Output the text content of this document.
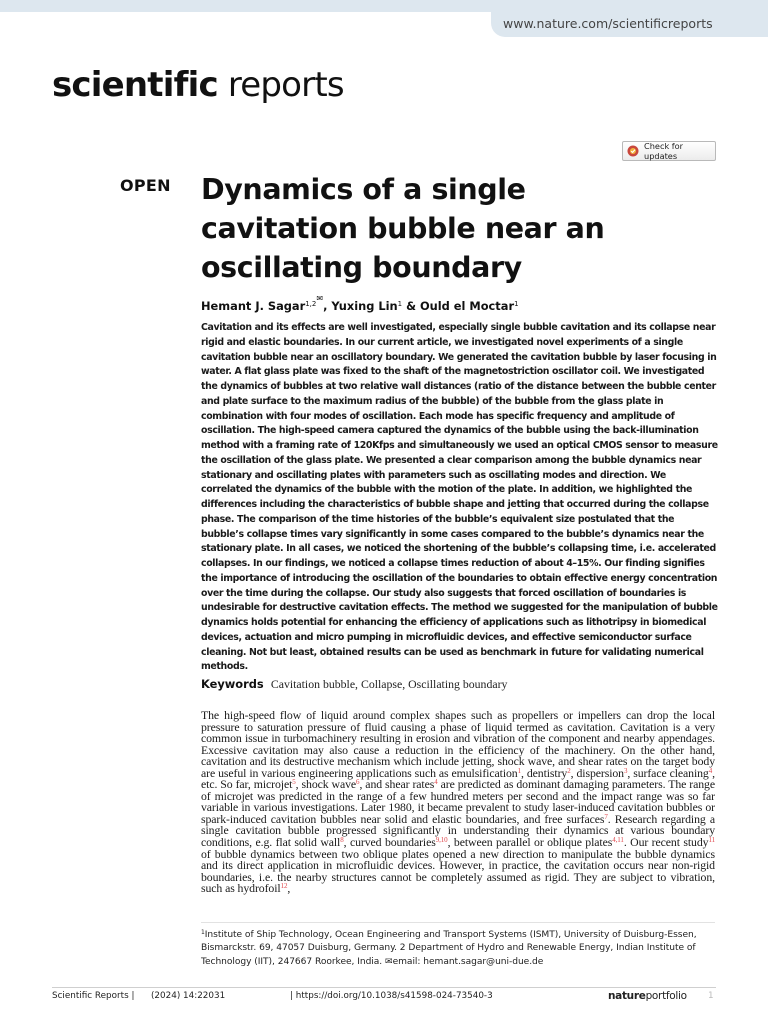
www.nature.com/scientificreports
scientific reports
Check for updates
OPEN Dynamics of a single cavitation bubble near an oscillating boundary
Hemant J. Sagar$^{1,2✉}$, Yuxing Lin$^1$ & Ould el Moctar$^1$

Cavitation and its effects are well investigated, especially single bubble cavitation and its collapse near rigid and elastic boundaries. In our current article, we investigated novel experiments of a single cavitation bubble near an oscillatory boundary. We generated the cavitation bubble by laser focusing in water. A flat glass plate was fixed to the shaft of the magnetostriction oscillator coil. We investigated the dynamics of bubbles at two relative wall distances (ratio of the distance between the bubble center and plate surface to the maximum radius of the bubble) of the bubble from the glass plate in combination with four modes of oscillation. Each mode has specific frequency and amplitude of oscillation. The high-speed camera captured the dynamics of the bubble using the back-illumination method with a framing rate of 120Kfps and simultaneously we used an optical CMOS sensor to measure the oscillation of the glass plate. We presented a clear comparison among the bubble dynamics near stationary and oscillating plates with parameters such as oscillating modes and direction. We correlated the dynamics of the bubble with the motion of the plate. In addition, we highlighted the differences including the characteristics of bubble shape and jetting that occurred during the collapse phase. The comparison of the time histories of the bubble’s equivalent size postulated that the bubble’s collapse times vary significantly in some cases compared to the bubble’s dynamics near the stationary plate. In all cases, we noticed the shortening of the bubble’s collapsing time, i.e. accelerated collapses. In our findings, we noticed a collapse times reduction of about 4–15%. Our finding signifies the importance of introducing the oscillation of the boundaries to obtain effective energy concentration over the time during the collapse. Our study also suggests that forced oscillation of boundaries is undesirable for destructive cavitation effects. The method we suggested for the manipulation of bubble dynamics holds potential for enhancing the efficiency of applications such as lithotripsy in biomedical devices, actuation and micro pumping in microfluidic devices, and effective semiconductor surface cleaning. Not but least, obtained results can be used as benchmark in future for validating numerical methods.

Keywords Cavitation bubble, Collapse, Oscillating boundary

The high-speed flow of liquid around complex shapes such as propellers or impellers can drop the local pressure to saturation pressure of fluid causing a phase of liquid termed as cavitation. Cavitation is a very common issue in turbomachinery resulting in erosion and vibration of the component and nearby appendages. Excessive cavitation may also cause a reduction in the efficiency of the machinery. On the other hand, cavitation and its destructive mechanism which include jetting, shock wave, and shear rates on the target body are useful in various engineering applications such as emulsification$^1$, dentistry$^2$, dispersion$^3$, surface cleaning$^4$, etc. So far, microjet$^5$, shock wave$^6$, and shear rates$^4$ are predicted as dominant damaging parameters. The range of microjet was predicted in the range of a few hundred meters per second and the impact range was so far variable in various investigations. Later 1980, it became prevalent to study laser-induced cavitation bubbles or spark-induced cavitation bubbles near solid and elastic boundaries, and free surfaces$^7$. Research regarding a single cavitation bubble progressed significantly in understanding their dynamics at various boundary conditions, e.g. flat solid wall$^8$, curved boundaries$^{9,10}$, between parallel or oblique plates$^{4,11}$. Our recent study$^{11}$ of bubble dynamics between two oblique plates opened a new direction to manipulate the bubble dynamics and its direct application in microfluidic devices. However, in practice, the cavitation occurs near non-rigid boundaries, i.e. the nearby structures cannot be completely assumed as rigid. They are subject to vibration, such as hydrofoil$^{12}$,

$^1$Institute of Ship Technology, Ocean Engineering and Transport Systems (ISMT), University of Duisburg-Essen, Bismarckstr. 69, 47057 Duisburg, Germany. 2 Department of Hydro and Renewable Energy, Indian Institute of Technology (IIT), 247667 Roorkee, India. ✉email: hemant.sagar@uni-due.de
Scientific Reports | (2024) 14:22031	| https://doi.org/10.1038/s41598-024-73540-3	natureportfolio 1
